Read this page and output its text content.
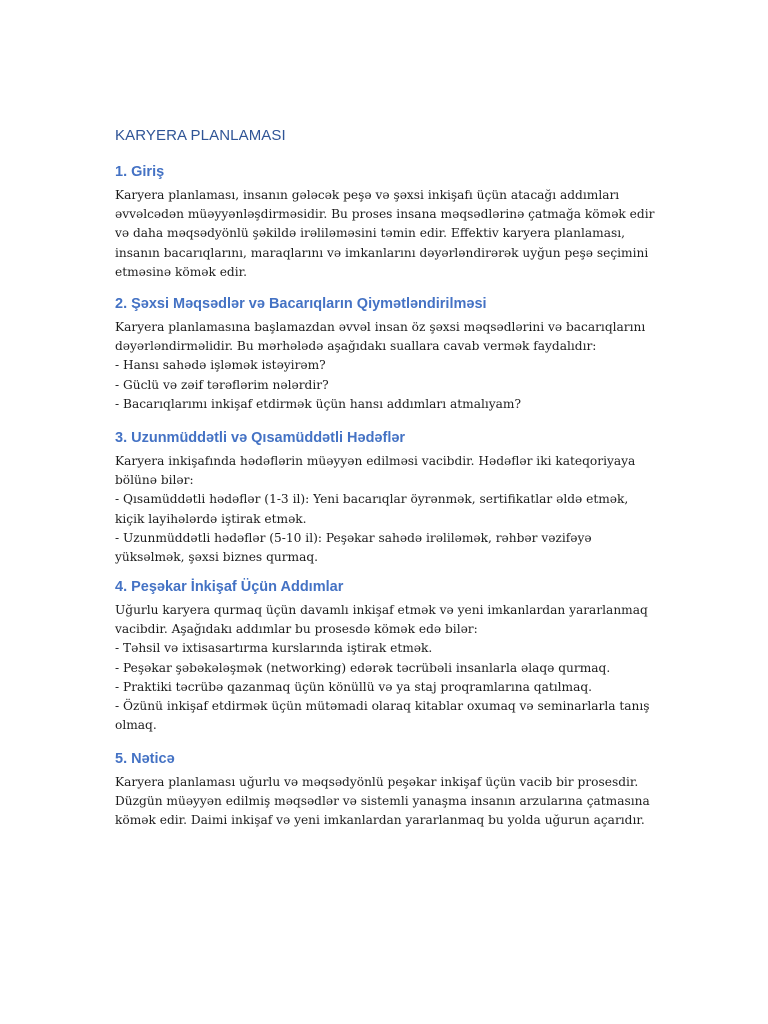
KARYERA PLANLAMASI
1. Giriş

Karyera planlaması, insanın gələcək peşə və şəxsi inkişafı üçün atacağı addımları əvvəlcədən müəyyənləşdirməsidir. Bu proses insana məqsədlərinə çatmağa kömək edir və daha məqsədyönlü şəkildə irəliləməsini təmin edir. Effektiv karyera planlaması, insanın bacarıqlarını, maraqlarını və imkanlarını dəyərləndirərək uyğun peşə seçimini etməsinə kömək edir.

2. Şəxsi Məqsədlər və Bacarıqların Qiymətləndirilməsi

Karyera planlamasına başlamazdan əvvəl insan öz şəxsi məqsədlərini və bacarıqlarını dəyərləndirməlidir. Bu mərhələdə aşağıdakı suallara cavab vermək faydalıdır:

- Hansı sahədə işləmək istəyirəm?
- Güclü və zəif tərəflərim nələrdir?
- Bacarıqlarımı inkişaf etdirmək üçün hansı addımları atmalıyam?
3. Uzunmüddətli və Qısamüddətli Hədəflər

Karyera inkişafında hədəflərin müəyyən edilməsi vacibdir. Hədəflər iki kateqoriyaya bölünə bilər:

- Qısamüddətli hədəflər (1-3 il): Yeni bacarıqlar öyrənmək, sertifikatlar əldə etmək, kiçik layihələrdə iştirak etmək.
- Uzunmüddətli hədəflər (5-10 il): Peşəkar sahədə irəliləmək, rəhbər vəzifəyə yüksəlmək, şəxsi biznes qurmaq.
4. Peşəkar İnkişaf Üçün Addımlar

Uğurlu karyera qurmaq üçün davamlı inkişaf etmək və yeni imkanlardan yararlanmaq vacibdir. Aşağıdakı addımlar bu prosesdə kömək edə bilər:

- Təhsil və ixtisasartırma kurslarında iştirak etmək.
- Peşəkar şəbəkələşmək (networking) edərək təcrübəli insanlarla əlaqə qurmaq.
- Praktiki təcrübə qazanmaq üçün könüllü və ya staj proqramlarına qatılmaq.
- Özünü inkişaf etdirmək üçün mütəmadi olaraq kitablar oxumaq və seminarlarla tanış olmaq.
5. Nəticə

Karyera planlaması uğurlu və məqsədyönlü peşəkar inkişaf üçün vacib bir prosesdir. Düzgün müəyyən edilmiş məqsədlər və sistemli yanaşma insanın arzularına çatmasına kömək edir. Daimi inkişaf və yeni imkanlardan yararlanmaq bu yolda uğurun açarıdır.
